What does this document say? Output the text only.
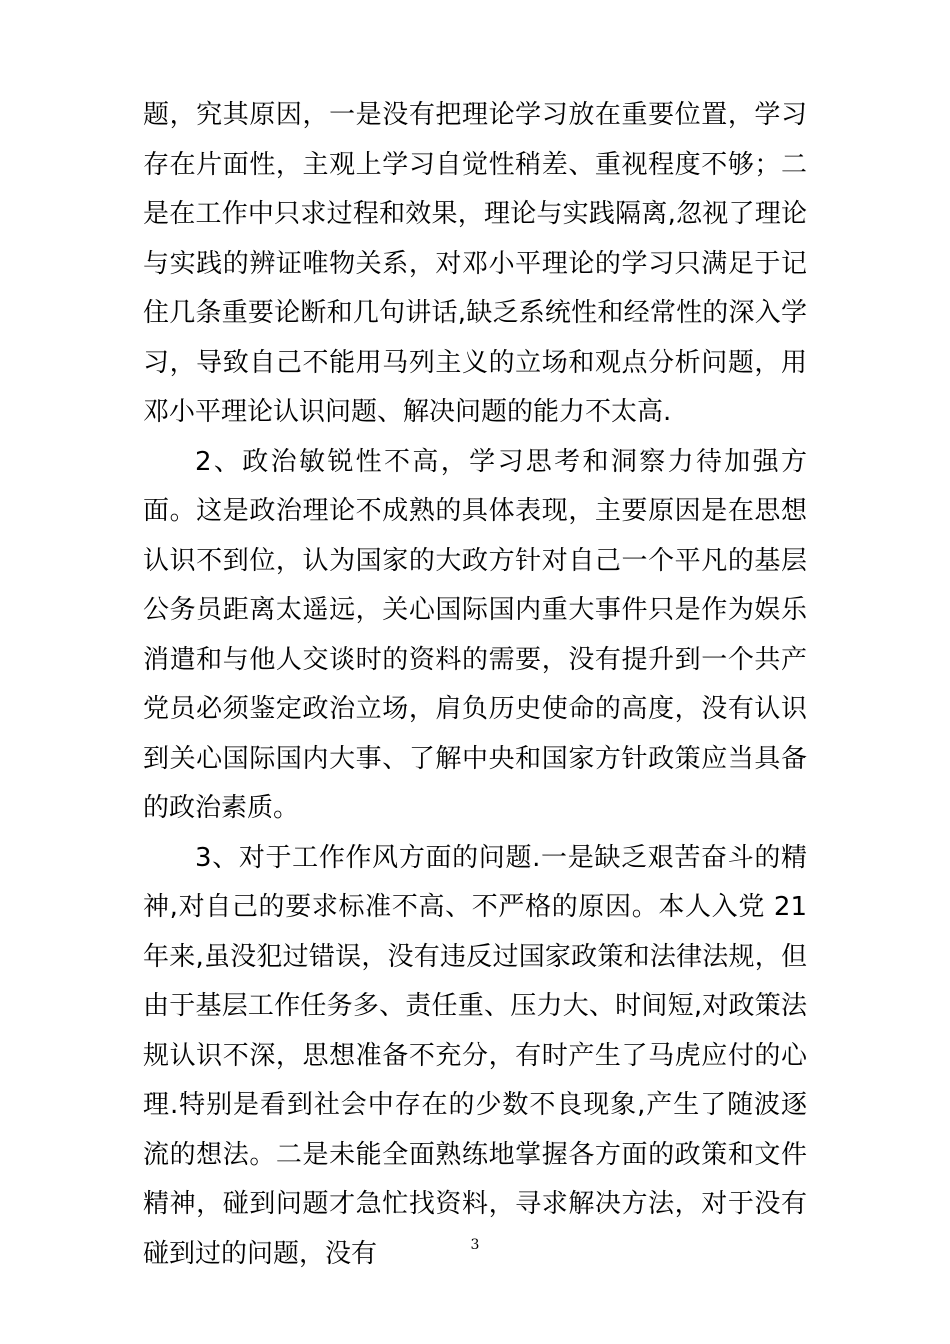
题，究其原因，一是没有把理论学习放在重要位置，学习存在片面性，主观上学习自觉性稍差、重视程度不够；二是在工作中只求过程和效果，理论与实践隔离,忽视了理论与实践的辨证唯物关系，对邓小平理论的学习只满足于记住几条重要论断和几句讲话,缺乏系统性和经常性的深入学习，导致自己不能用马列主义的立场和观点分析问题，用邓小平理论认识问题、解决问题的能力不太高.

2、政治敏锐性不高，学习思考和洞察力待加强方面。这是政治理论不成熟的具体表现，主要原因是在思想认识不到位，认为国家的大政方针对自己一个平凡的基层公务员距离太遥远，关心国际国内重大事件只是作为娱乐消遣和与他人交谈时的资料的需要，没有提升到一个共产党员必须鉴定政治立场，肩负历史使命的高度，没有认识到关心国际国内大事、了解中央和国家方针政策应当具备的政治素质。

3、对于工作作风方面的问题.一是缺乏艰苦奋斗的精神,对自己的要求标准不高、不严格的原因。本人入党 21 年来,虽没犯过错误，没有违反过国家政策和法律法规，但由于基层工作任务多、责任重、压力大、时间短,对政策法规认识不深，思想准备不充分，有时产生了马虎应付的心理.特别是看到社会中存在的少数不良现象,产生了随波逐流的想法。二是未能全面熟练地掌握各方面的政策和文件精神，碰到问题才急忙找资料，寻求解决方法，对于没有碰到过的问题，没有	3
